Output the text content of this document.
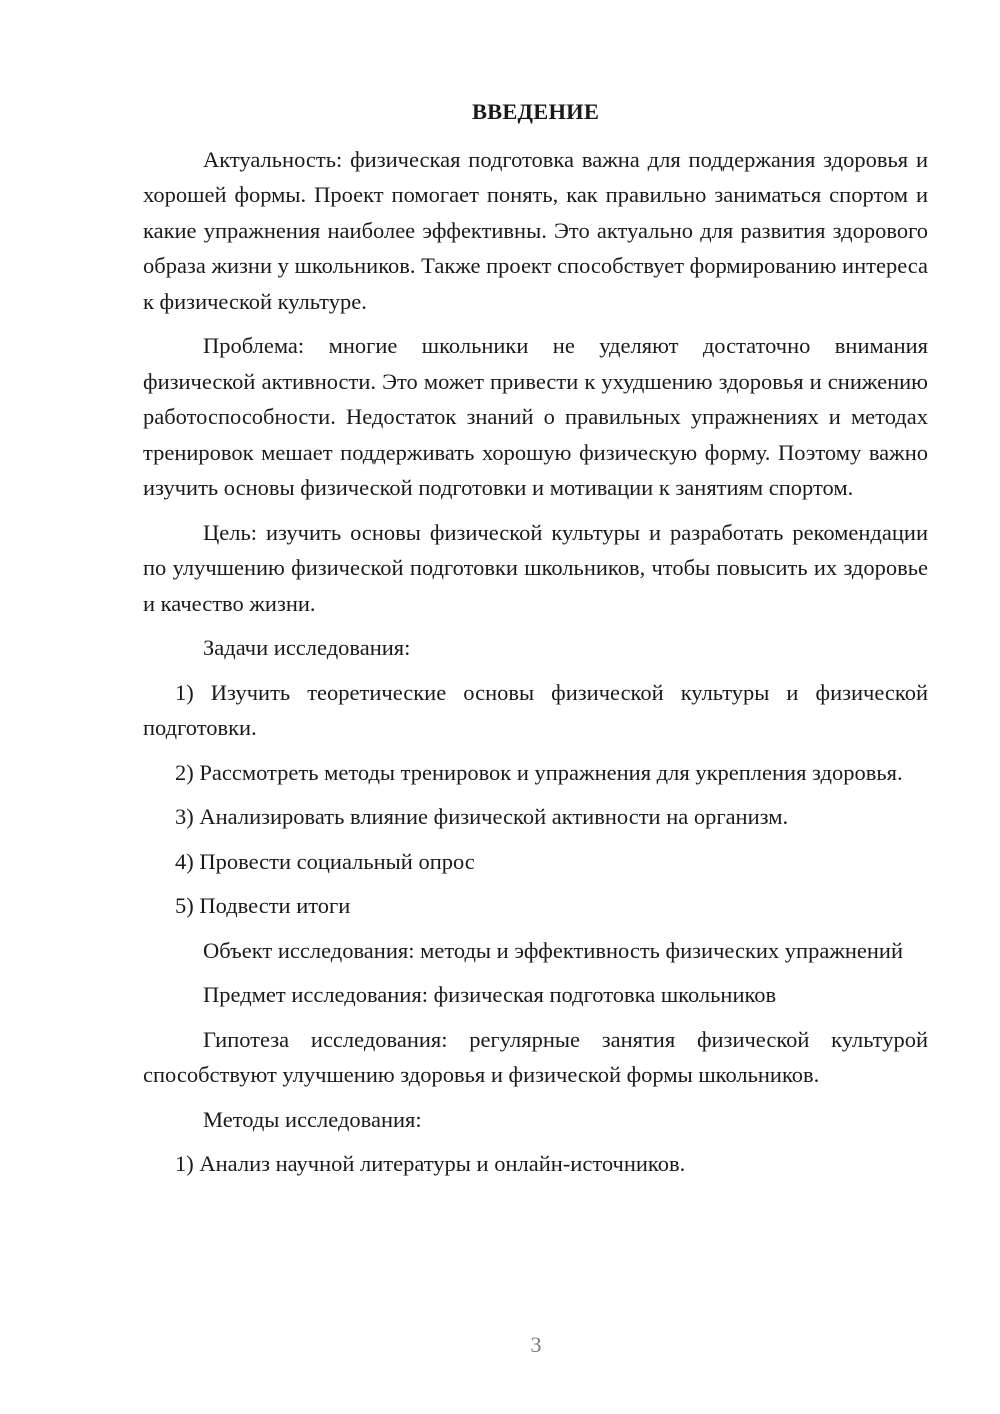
ВВЕДЕНИЕ

Актуальность: физическая подготовка важна для поддержания здоровья и хорошей формы. Проект помогает понять, как правильно заниматься спортом и какие упражнения наиболее эффективны. Это актуально для развития здорового образа жизни у школьников. Также проект способствует формированию интереса к физической культуре.

Проблема: многие школьники не уделяют достаточно внимания физической активности. Это может привести к ухудшению здоровья и снижению работоспособности. Недостаток знаний о правильных упражнениях и методах тренировок мешает поддерживать хорошую физическую форму. Поэтому важно изучить основы физической подготовки и мотивации к занятиям спортом.

Цель: изучить основы физической культуры и разработать рекомендации по улучшению физической подготовки школьников, чтобы повысить их здоровье и качество жизни.

Задачи исследования:

1) Изучить теоретические основы физической культуры и физической подготовки.

2) Рассмотреть методы тренировок и упражнения для укрепления здоровья.

3) Анализировать влияние физической активности на организм.

4) Провести социальный опрос

5) Подвести итоги

Объект исследования: методы и эффективность физических упражнений

Предмет исследования: физическая подготовка школьников

Гипотеза исследования: регулярные занятия физической культурой способствуют улучшению здоровья и физической формы школьников.

Методы исследования:

1) Анализ научной литературы и онлайн-источников.

3
